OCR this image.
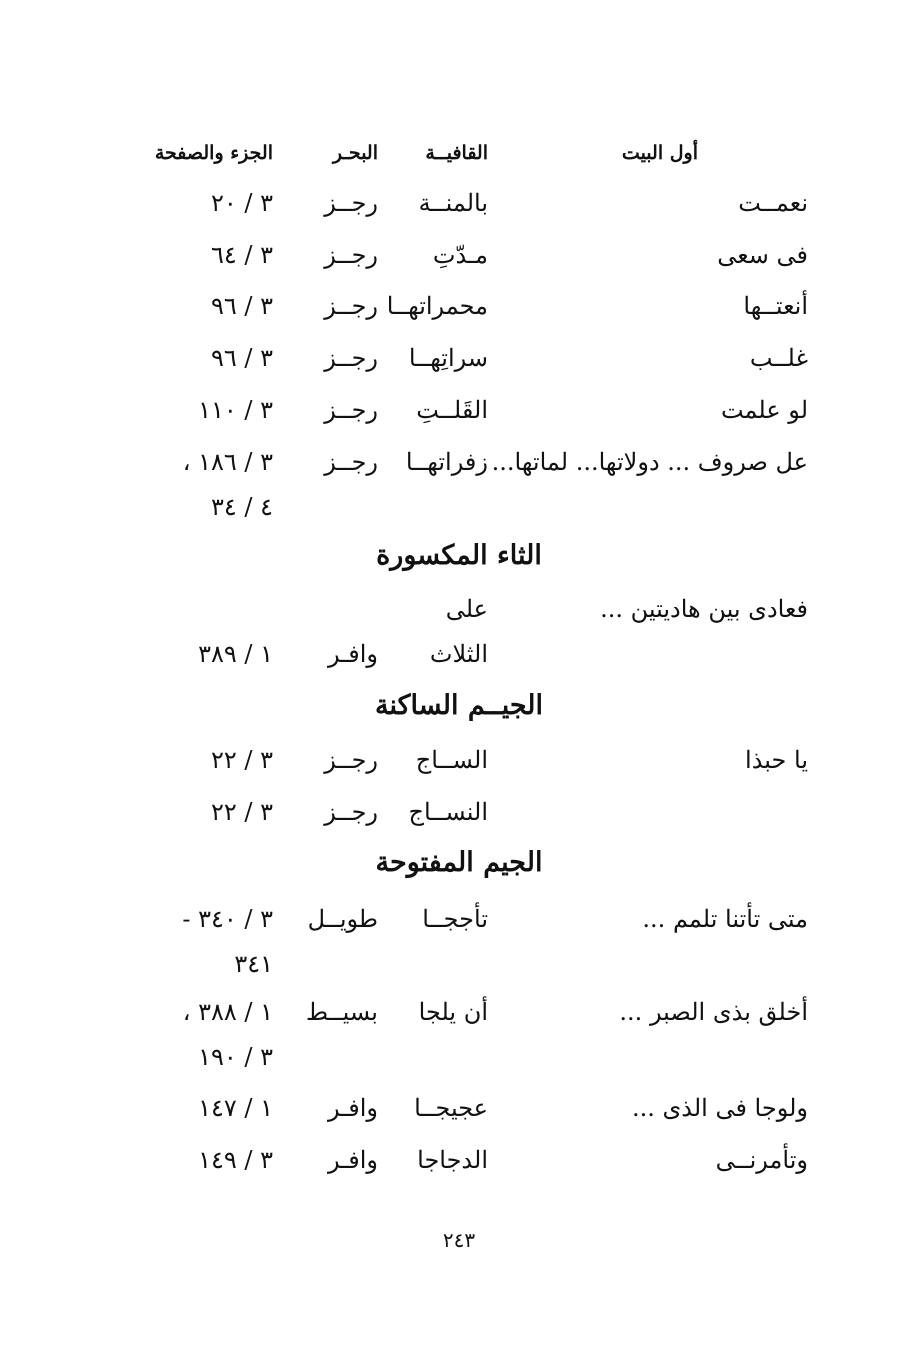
أول البيت
القافيــة
البحـر
الجزء والصفحة
نعمــت
بالمنــة
رجــز
٣ / ٢٠
فى سعى
مـدّتِ
رجــز
٣ / ٦٤
أنعتــها
محمراتهــا
رجــز
٣ / ٩٦
غلــب
سراتِهــا
رجــز
٣ / ٩٦
لو علمت
القَلــتِ
رجــز
٣ / ١١٠
عل صروف ... دولاتها... لماتها...
زفراتهــا
رجــز
٣ / ١٨٦ ،
٤ / ٣٤
الثاء المكسورة
فعادى بين هاديتين ...
على
الثلاث
وافـر
١ / ٣٨٩
الجيــم الساكنة
يا حبذا
الســاج
رجــز
٣ / ٢٢
النســاج
رجــز
٣ / ٢٢
الجيم المفتوحة
متى تأتنا تلمم ...
تأججــا
طويــل
٣ / ٣٤٠ -
٣٤١
أخلق بذى الصبر ...
أن يلجا
بسيــط
١ / ٣٨٨ ،
٣ / ١٩٠
ولوجا فى الذى ...
عجيجــا
وافـر
١ / ١٤٧
وتأمرنــى
الدجاجا
وافـر
٣ / ١٤٩
٢٤٣
